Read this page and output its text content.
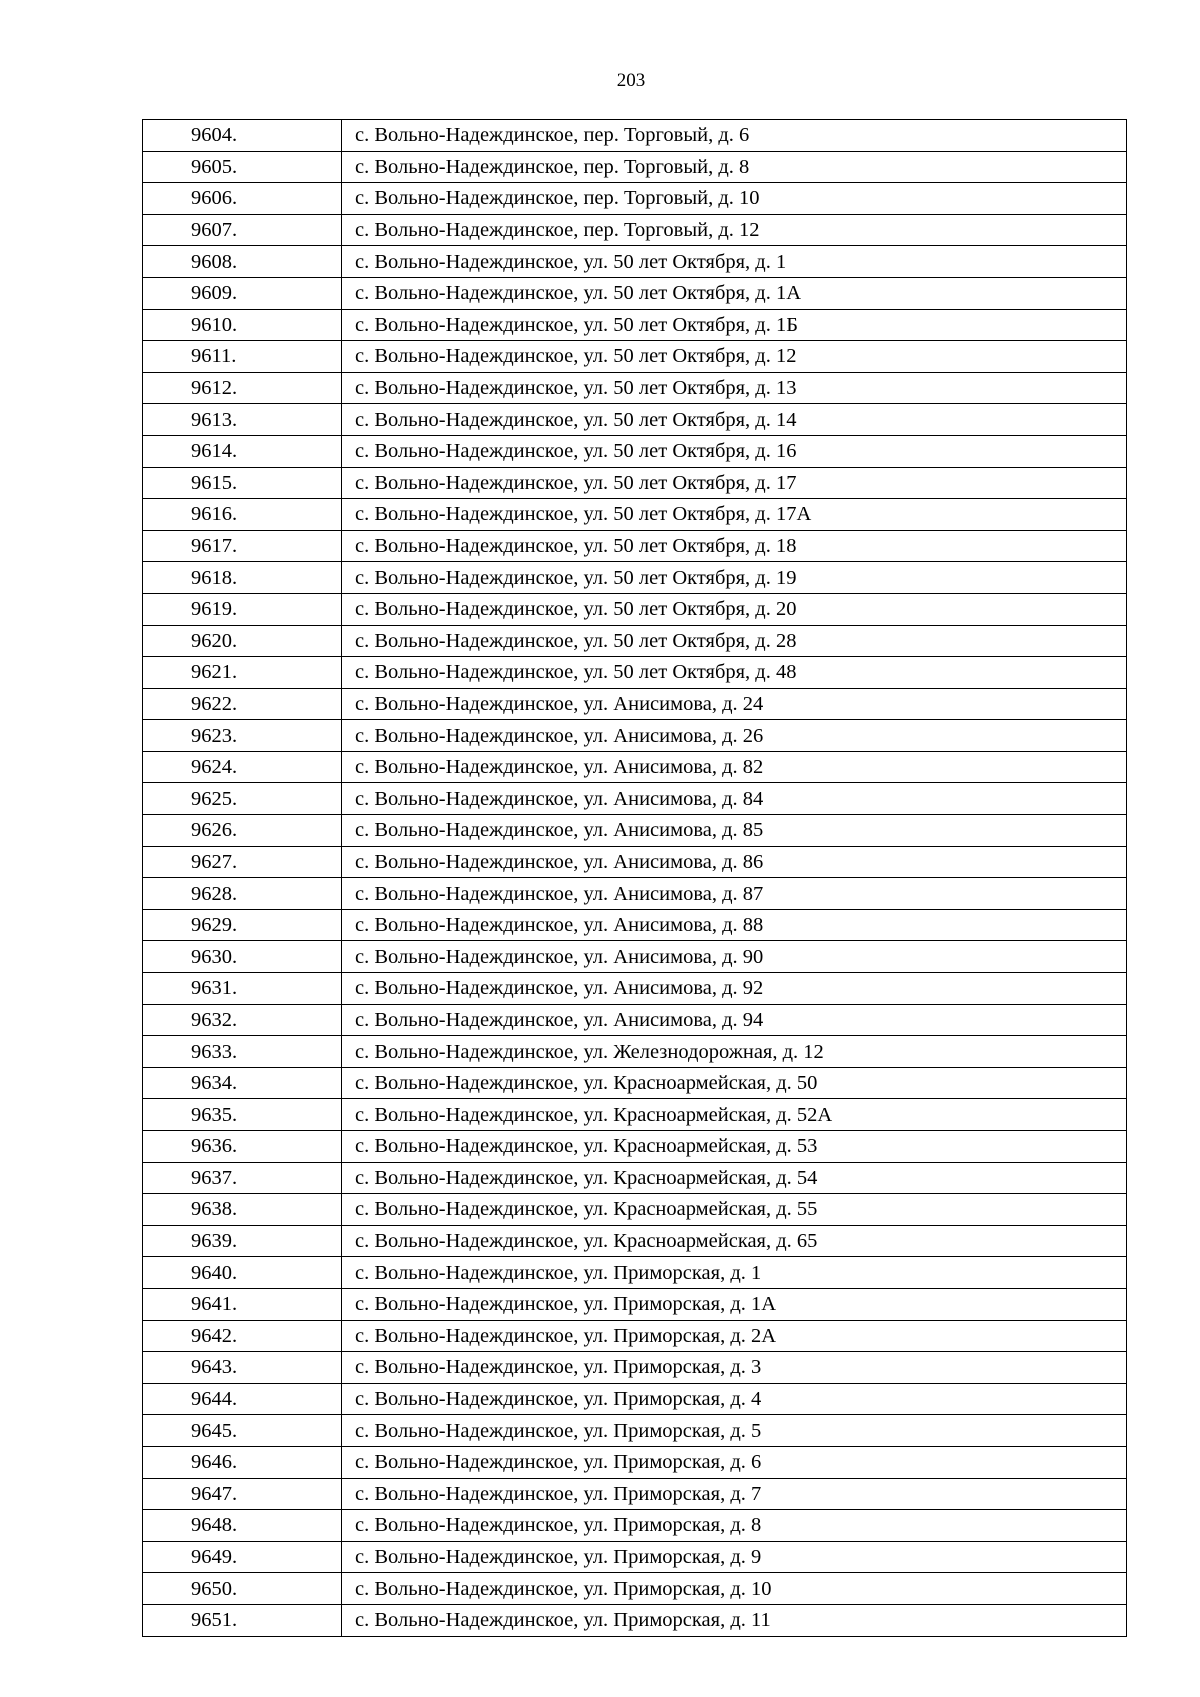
203
9604.	с. Вольно-Надеждинское, пер. Торговый, д. 6
9605.	с. Вольно-Надеждинское, пер. Торговый, д. 8
9606.	с. Вольно-Надеждинское, пер. Торговый, д. 10
9607.	с. Вольно-Надеждинское, пер. Торговый, д. 12
9608.	с. Вольно-Надеждинское, ул. 50 лет Октября, д. 1
9609.	с. Вольно-Надеждинское, ул. 50 лет Октября, д. 1А
9610.	с. Вольно-Надеждинское, ул. 50 лет Октября, д. 1Б
9611.	с. Вольно-Надеждинское, ул. 50 лет Октября, д. 12
9612.	с. Вольно-Надеждинское, ул. 50 лет Октября, д. 13
9613.	с. Вольно-Надеждинское, ул. 50 лет Октября, д. 14
9614.	с. Вольно-Надеждинское, ул. 50 лет Октября, д. 16
9615.	с. Вольно-Надеждинское, ул. 50 лет Октября, д. 17
9616.	с. Вольно-Надеждинское, ул. 50 лет Октября, д. 17А
9617.	с. Вольно-Надеждинское, ул. 50 лет Октября, д. 18
9618.	с. Вольно-Надеждинское, ул. 50 лет Октября, д. 19
9619.	с. Вольно-Надеждинское, ул. 50 лет Октября, д. 20
9620.	с. Вольно-Надеждинское, ул. 50 лет Октября, д. 28
9621.	с. Вольно-Надеждинское, ул. 50 лет Октября, д. 48
9622.	с. Вольно-Надеждинское, ул. Анисимова, д. 24
9623.	с. Вольно-Надеждинское, ул. Анисимова, д. 26
9624.	с. Вольно-Надеждинское, ул. Анисимова, д. 82
9625.	с. Вольно-Надеждинское, ул. Анисимова, д. 84
9626.	с. Вольно-Надеждинское, ул. Анисимова, д. 85
9627.	с. Вольно-Надеждинское, ул. Анисимова, д. 86
9628.	с. Вольно-Надеждинское, ул. Анисимова, д. 87
9629.	с. Вольно-Надеждинское, ул. Анисимова, д. 88
9630.	с. Вольно-Надеждинское, ул. Анисимова, д. 90
9631.	с. Вольно-Надеждинское, ул. Анисимова, д. 92
9632.	с. Вольно-Надеждинское, ул. Анисимова, д. 94
9633.	с. Вольно-Надеждинское, ул. Железнодорожная, д. 12
9634.	с. Вольно-Надеждинское, ул. Красноармейская, д. 50
9635.	с. Вольно-Надеждинское, ул. Красноармейская, д. 52А
9636.	с. Вольно-Надеждинское, ул. Красноармейская, д. 53
9637.	с. Вольно-Надеждинское, ул. Красноармейская, д. 54
9638.	с. Вольно-Надеждинское, ул. Красноармейская, д. 55
9639.	с. Вольно-Надеждинское, ул. Красноармейская, д. 65
9640.	с. Вольно-Надеждинское, ул. Приморская, д. 1
9641.	с. Вольно-Надеждинское, ул. Приморская, д. 1А
9642.	с. Вольно-Надеждинское, ул. Приморская, д. 2А
9643.	с. Вольно-Надеждинское, ул. Приморская, д. 3
9644.	с. Вольно-Надеждинское, ул. Приморская, д. 4
9645.	с. Вольно-Надеждинское, ул. Приморская, д. 5
9646.	с. Вольно-Надеждинское, ул. Приморская, д. 6
9647.	с. Вольно-Надеждинское, ул. Приморская, д. 7
9648.	с. Вольно-Надеждинское, ул. Приморская, д. 8
9649.	с. Вольно-Надеждинское, ул. Приморская, д. 9
9650.	с. Вольно-Надеждинское, ул. Приморская, д. 10
9651.	с. Вольно-Надеждинское, ул. Приморская, д. 11
